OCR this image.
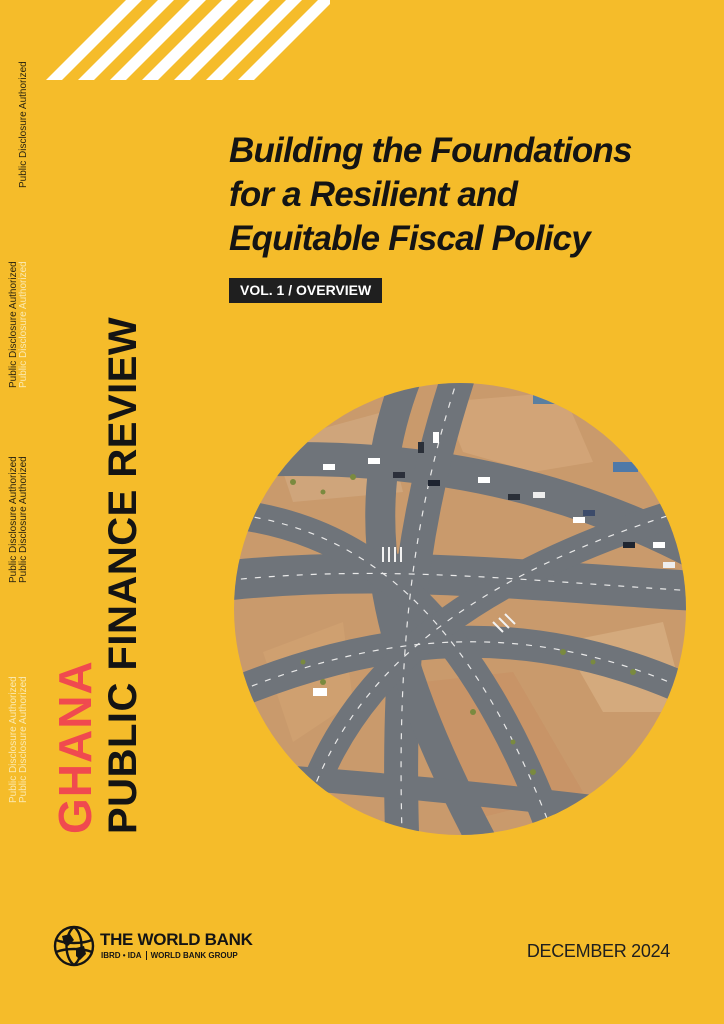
Public Disclosure Authorized
Public Disclosure Authorized
Public Disclosure Authorized
Public Disclosure Authorized
Public Disclosure Authorized
Public Disclosure Authorized
Public Disclosure Authorized
Building the Foundations
for a Resilient and
Equitable Fiscal Policy
VOL. 1 / OVERVIEW
GHANA PUBLIC FINANCE REVIEW
THE WORLD BANK
IBRD • IDA WORLD BANK GROUP	DECEMBER 2024
